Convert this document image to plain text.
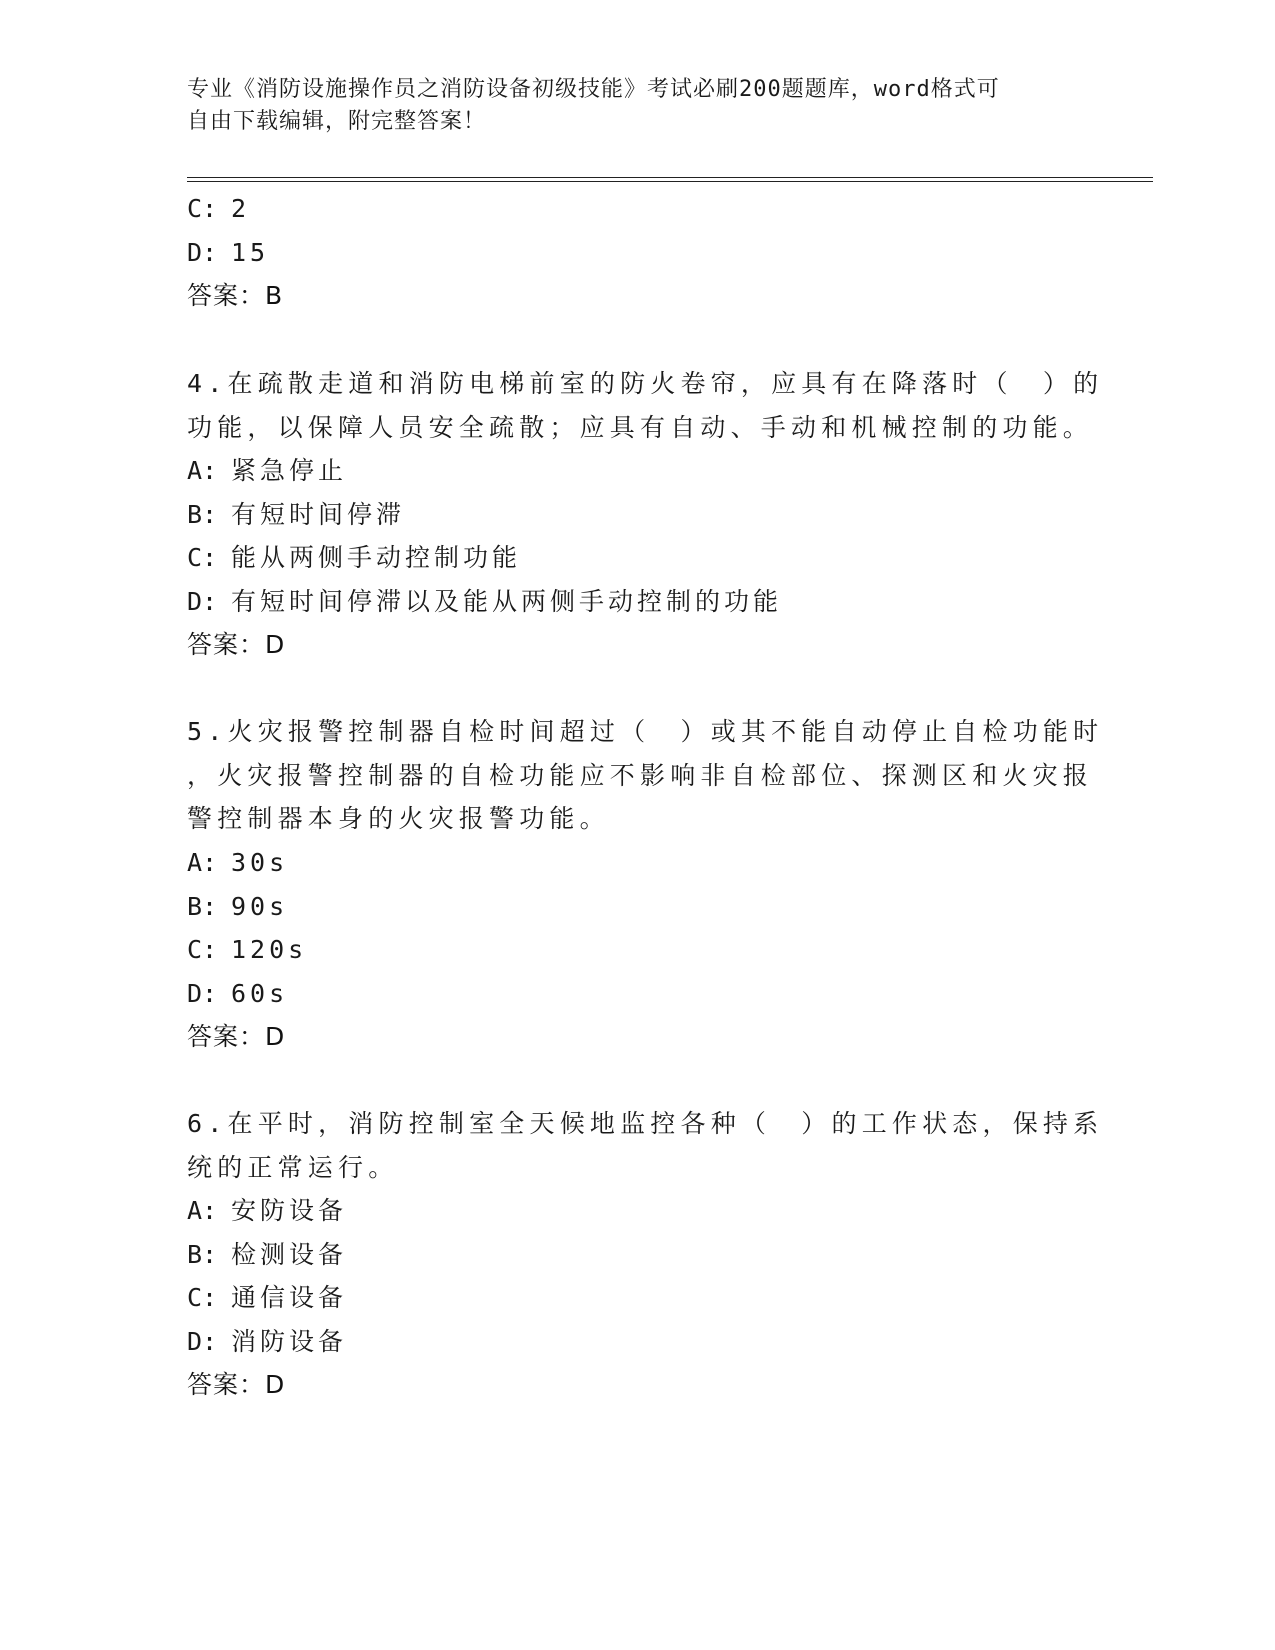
专业《消防设施操作员之消防设备初级技能》考试必刷200题题库，word格式可
自由下载编辑，附完整答案！
C: 2
D: 15
答案：B
4.在疏散走道和消防电梯前室的防火卷帘，应具有在降落时（　）的
功能，以保障人员安全疏散；应具有自动、手动和机械控制的功能。
A: 紧急停止
B: 有短时间停滞
C: 能从两侧手动控制功能
D: 有短时间停滞以及能从两侧手动控制的功能
答案：D
5.火灾报警控制器自检时间超过（　）或其不能自动停止自检功能时
，火灾报警控制器的自检功能应不影响非自检部位、探测区和火灾报
警控制器本身的火灾报警功能。
A: 30s
B: 90s
C: 120s
D: 60s
答案：D
6.在平时，消防控制室全天候地监控各种（　）的工作状态，保持系
统的正常运行。
A: 安防设备
B: 检测设备
C: 通信设备
D: 消防设备
答案：D
